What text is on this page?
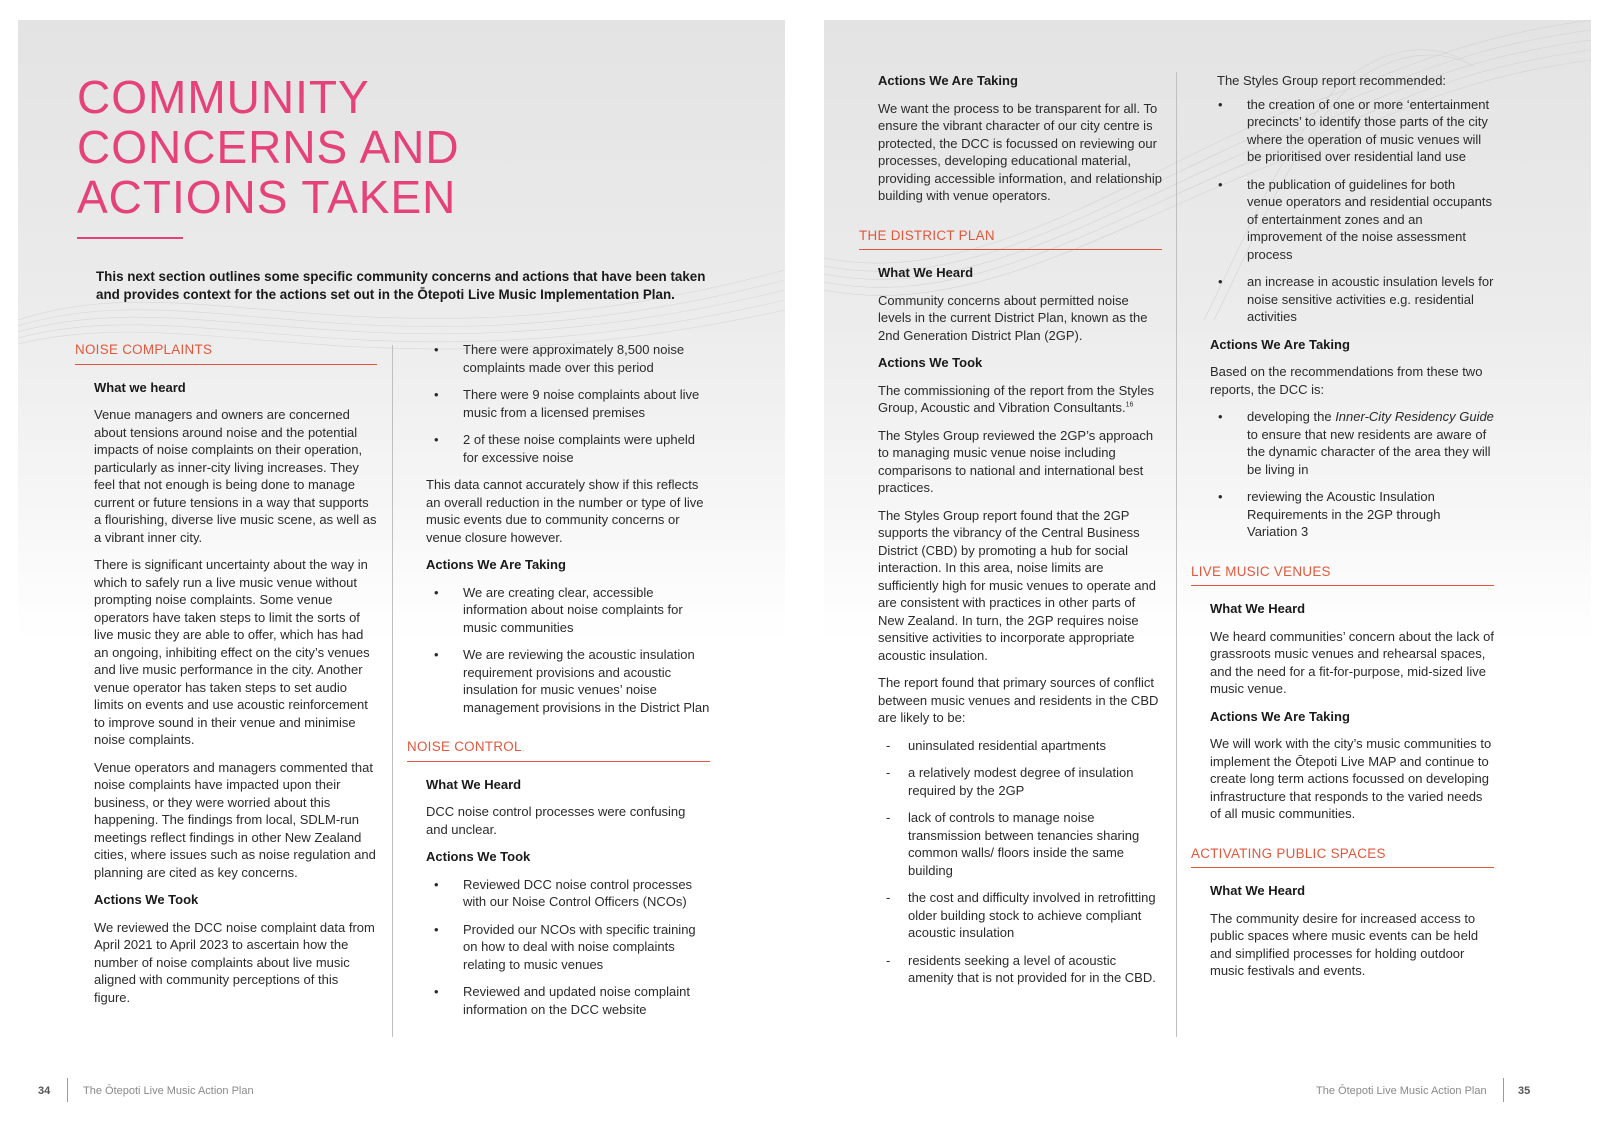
COMMUNITY CONCERNS AND ACTIONS TAKEN
This next section outlines some specific community concerns and actions that have been taken and provides context for the actions set out in the Ōtepoti Live Music Implementation Plan.
NOISE COMPLAINTS
What we heard

Venue managers and owners are concerned about tensions around noise and the potential impacts of noise complaints on their operation, particularly as inner-city living increases. They feel that not enough is being done to manage current or future tensions in a way that supports a flourishing, diverse live music scene, as well as a vibrant inner city.

There is significant uncertainty about the way in which to safely run a live music venue without prompting noise complaints. Some venue operators have taken steps to limit the sorts of live music they are able to offer, which has had an ongoing, inhibiting effect on the city’s venues and live music performance in the city. Another venue operator has taken steps to set audio limits on events and use acoustic reinforcement to improve sound in their venue and minimise noise complaints.

Venue operators and managers commented that noise complaints have impacted upon their business, or they were worried about this happening. The findings from local, SDLM-run meetings reflect findings in other New Zealand cities, where issues such as noise regulation and planning are cited as key concerns.

Actions We Took

We reviewed the DCC noise complaint data from April 2021 to April 2023 to ascertain how the number of noise complaints about live music aligned with community perceptions of this figure.

• There were approximately 8,500 noise complaints made over this period
• There were 9 noise complaints about live music from a licensed premises
• 2 of these noise complaints were upheld for excessive noise

This data cannot accurately show if this reflects an overall reduction in the number or type of live music events due to community concerns or venue closure however.

Actions We Are Taking
• We are creating clear, accessible information about noise complaints for music communities
• We are reviewing the acoustic insulation requirement provisions and acoustic insulation for music venues’ noise management provisions in the District Plan
NOISE CONTROL
What We Heard

DCC noise control processes were confusing and unclear.

Actions We Took
• Reviewed DCC noise control processes with our Noise Control Officers (NCOs)
• Provided our NCOs with specific training on how to deal with noise complaints relating to music venues
• Reviewed and updated noise complaint information on the DCC website
Actions We Are Taking

We want the process to be transparent for all. To ensure the vibrant character of our city centre is protected, the DCC is focussed on reviewing our processes, developing educational material, providing accessible information, and relationship building with venue operators.

THE DISTRICT PLAN
What We Heard

Community concerns about permitted noise levels in the current District Plan, known as the 2nd Generation District Plan (2GP).

Actions We Took

The commissioning of the report from the Styles Group, Acoustic and Vibration Consultants.$^{16}$

The Styles Group reviewed the 2GP’s approach to managing music venue noise including comparisons to national and international best practices.

The Styles Group report found that the 2GP supports the vibrancy of the Central Business District (CBD) by promoting a hub for social interaction. In this area, noise limits are sufficiently high for music venues to operate and are consistent with practices in other parts of New Zealand. In turn, the 2GP requires noise sensitive activities to incorporate appropriate acoustic insulation.

The report found that primary sources of conflict between music venues and residents in the CBD are likely to be:

- uninsulated residential apartments
- a relatively modest degree of insulation required by the 2GP
- lack of controls to manage noise transmission between tenancies sharing common walls/ floors inside the same building
- the cost and difficulty involved in retrofitting older building stock to achieve compliant acoustic insulation
- residents seeking a level of acoustic amenity that is not provided for in the CBD.

The Styles Group report recommended:

• the creation of one or more ‘entertainment precincts’ to identify those parts of the city where the operation of music venues will be prioritised over residential land use
• the publication of guidelines for both venue operators and residential occupants of entertainment zones and an improvement of the noise assessment process
• an increase in acoustic insulation levels for noise sensitive activities e.g. residential activities
Actions We Are Taking

Based on the recommendations from these two reports, the DCC is:

• developing the Inner-City Residency Guide to ensure that new residents are aware of the dynamic character of the area they will be living in
• reviewing the Acoustic Insulation Requirements in the 2GP through Variation 3
LIVE MUSIC VENUES
What We Heard

We heard communities’ concern about the lack of grassroots music venues and rehearsal spaces, and the need for a fit-for-purpose, mid-sized live music venue.

Actions We Are Taking

We will work with the city’s music communities to implement the Ōtepoti Live MAP and continue to create long term actions focussed on developing infrastructure that responds to the varied needs of all music communities.

ACTIVATING PUBLIC SPACES
What We Heard

The community desire for increased access to public spaces where music events can be held and simplified processes for holding outdoor music festivals and events.

34	The Ōtepoti Live Music Action Plan	The Ōtepoti Live Music Action Plan	35
